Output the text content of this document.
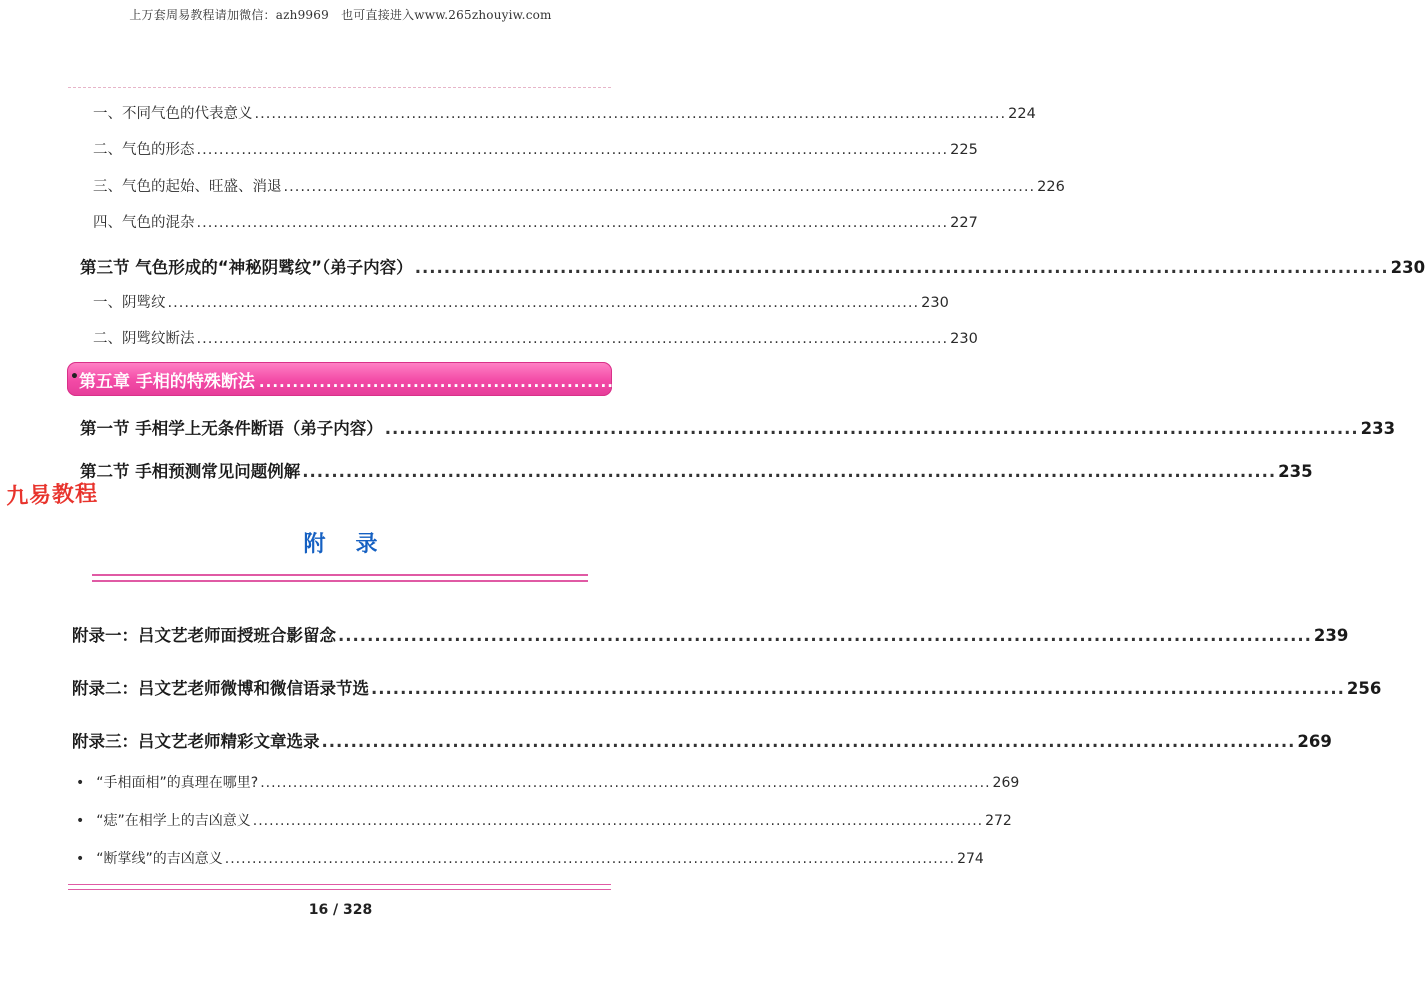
上万套周易教程请加微信：azh9969　也可直接进入www.265zhouyiw.com
一、不同气色的代表意义 ...................................................................................................................................... 224
二、气色的形态 ...................................................................................................................................... 225
三、气色的起始、旺盛、消退 ...................................................................................................................................... 226
四、气色的混杂 ...................................................................................................................................... 227
第三节 气色形成的“神秘阴骘纹”（弟子内容） ...................................................................................................................................... 230
一、阴骘纹 ...................................................................................................................................... 230
二、阴骘纹断法 ...................................................................................................................................... 230
• 第五章 手相的特殊断法 ...................................................................................................................................... 231
第一节 手相学上无条件断语（弟子内容） ...................................................................................................................................... 233
第二节 手相预测常见问题例解 ...................................................................................................................................... 235
九易教程
附录
附录一：吕文艺老师面授班合影留念 ...................................................................................................................................... 239
附录二：吕文艺老师微博和微信语录节选 ...................................................................................................................................... 256
附录三：吕文艺老师精彩文章选录 ...................................................................................................................................... 269
• “手相面相”的真理在哪里? ...................................................................................................................................... 269
• “痣”在相学上的吉凶意义 ...................................................................................................................................... 272
• “断掌线”的吉凶意义 ...................................................................................................................................... 274
16 / 328
